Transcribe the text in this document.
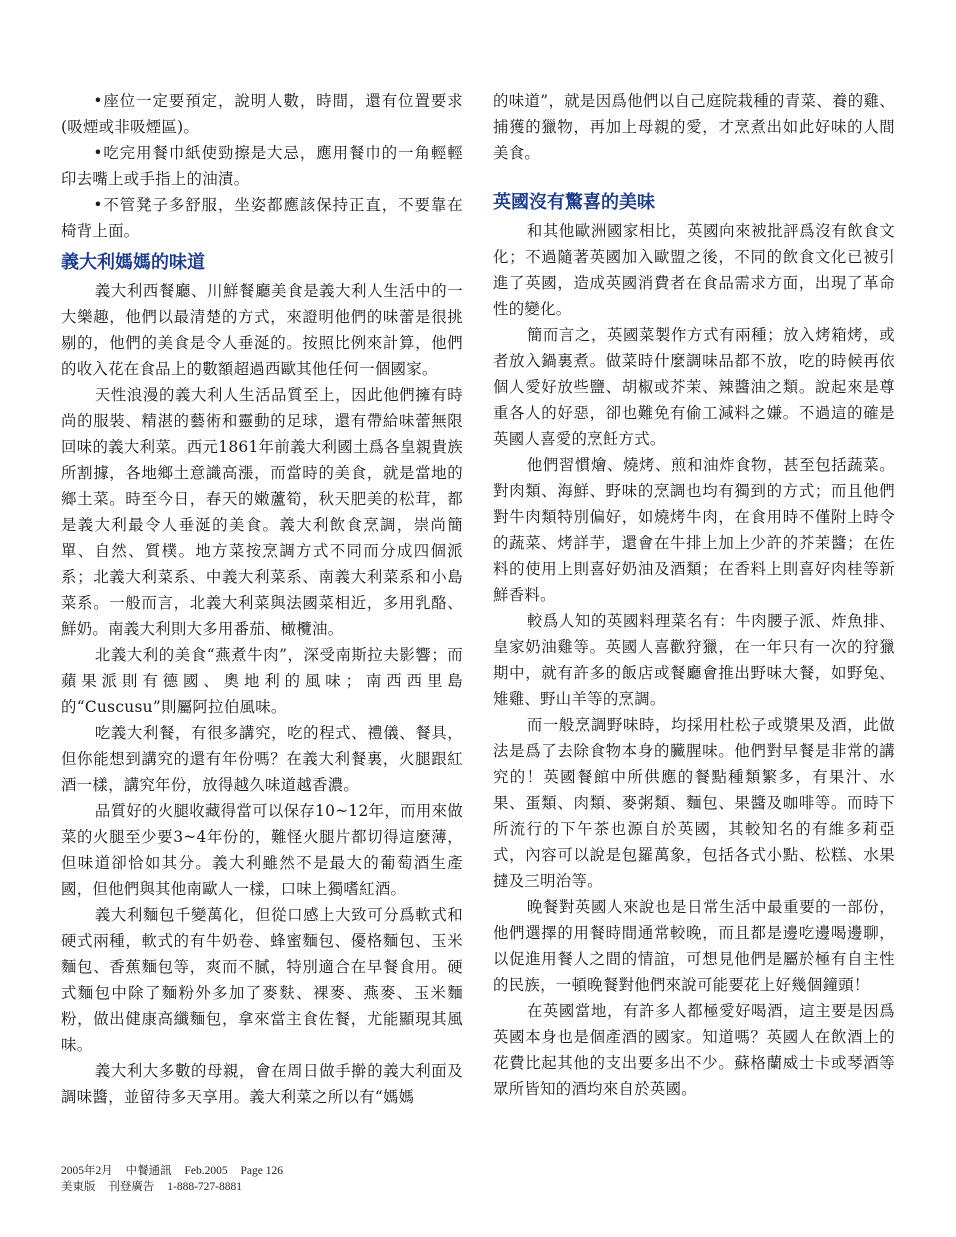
•座位一定要預定，說明人數，時間，還有位置要求(吸煙或非吸煙區)。

•吃完用餐巾紙使勁擦是大忌，應用餐巾的一角輕輕印去嘴上或手指上的油漬。

•不管凳子多舒服，坐姿都應該保持正直，不要靠在椅背上面。

義大利媽媽的味道

義大利西餐廳、川鮮餐廳美食是義大利人生活中的一大樂趣，他們以最清楚的方式，來證明他們的味蕾是很挑剔的，他們的美食是令人垂涎的。按照比例來計算，他們的收入花在食品上的數額超過西歐其他任何一個國家。

天性浪漫的義大利人生活品質至上，因此他們擁有時尚的服裝、精湛的藝術和靈動的足球，還有帶給味蕾無限回味的義大利菜。西元1861年前義大利國土爲各皇親貴族所割據，各地鄉土意識高漲，而當時的美食，就是當地的鄉土菜。時至今日，春天的嫩蘆筍，秋天肥美的松茸，都是義大利最令人垂涎的美食。義大利飲食烹調，崇尚簡單、自然、質樸。地方菜按烹調方式不同而分成四個派系；北義大利菜系、中義大利菜系、南義大利菜系和小島菜系。一般而言，北義大利菜與法國菜相近，多用乳酪、鮮奶。南義大利則大多用番茄、橄欖油。

北義大利的美食“燕煮牛肉”，深受南斯拉夫影響；而蘋果派則有德國、奧地利的風味；南西西里島的“Cuscusu”則屬阿拉伯風味。

吃義大利餐，有很多講究，吃的程式、禮儀、餐具，但你能想到講究的還有年份嗎？在義大利餐裏，火腿跟紅酒一樣，講究年份，放得越久味道越香濃。

品質好的火腿收藏得當可以保存10~12年，而用來做菜的火腿至少要3~4年份的，難怪火腿片都切得這麼薄，但味道卻恰如其分。義大利雖然不是最大的葡萄酒生產國，但他們與其他南歐人一樣，口味上獨嗜紅酒。

義大利麵包千變萬化，但從口感上大致可分爲軟式和硬式兩種，軟式的有牛奶卷、蜂蜜麵包、優格麵包、玉米麵包、香蕉麵包等，爽而不膩，特別適合在早餐食用。硬式麵包中除了麵粉外多加了麥麩、裸麥、燕麥、玉米麵粉，做出健康高纖麵包，拿來當主食佐餐，尤能顯現其風味。

義大利大多數的母親，會在周日做手擀的義大利面及調味醬，並留待多天享用。義大利菜之所以有“媽媽

的味道”，就是因爲他們以自己庭院栽種的青菜、養的雞、捕獲的獵物，再加上母親的愛，才烹煮出如此好味的人間美食。

英國沒有驚喜的美味

和其他歐洲國家相比，英國向來被批評爲沒有飲食文化；不過隨著英國加入歐盟之後，不同的飲食文化已被引進了英國，造成英國消費者在食品需求方面，出現了革命性的變化。

簡而言之，英國菜製作方式有兩種；放入烤箱烤，或者放入鍋裏煮。做菜時什麼調味品都不放，吃的時候再依個人愛好放些鹽、胡椒或芥茉、辣醬油之類。說起來是尊重各人的好惡，卻也難免有偷工減料之嫌。不過這的確是英國人喜愛的烹飪方式。

他們習慣燴、燒烤、煎和油炸食物，甚至包括蔬菜。對肉類、海鮮、野味的烹調也均有獨到的方式；而且他們對牛肉類特別偏好，如燒烤牛肉，在食用時不僅附上時令的蔬菜、烤詳芋，還會在牛排上加上少許的芥茉醬；在佐料的使用上則喜好奶油及酒類；在香料上則喜好肉桂等新鮮香料。

較爲人知的英國料理菜名有：牛肉腰子派、炸魚排、皇家奶油雞等。英國人喜歡狩獵，在一年只有一次的狩獵期中，就有許多的飯店或餐廳會推出野味大餐，如野兔、雉雞、野山羊等的烹調。

而一般烹調野味時，均採用杜松子或漿果及酒，此做法是爲了去除食物本身的臟腥味。他們對早餐是非常的講究的！英國餐館中所供應的餐點種類繁多，有果汁、水果、蛋類、肉類、麥粥類、麵包、果醬及咖啡等。而時下所流行的下午茶也源自於英國，其較知名的有維多莉亞式，內容可以說是包羅萬象，包括各式小點、松糕、水果撻及三明治等。

晚餐對英國人來說也是日常生活中最重要的一部份，他們選擇的用餐時間通常較晚，而且都是邊吃邊喝邊聊，以促進用餐人之間的情誼，可想見他們是屬於極有自主性的民族，一頓晚餐對他們來說可能要花上好幾個鐘頭！

在英國當地，有許多人都極愛好喝酒，這主要是因爲英國本身也是個產酒的國家。知道嗎？英國人在飲酒上的花費比起其他的支出要多出不少。蘇格蘭威士卡或琴酒等眾所皆知的酒均來自於英國。

2005年2月 中餐通訊 Feb.2005 Page 126
美東版 刊登廣告 1-888-727-8881
